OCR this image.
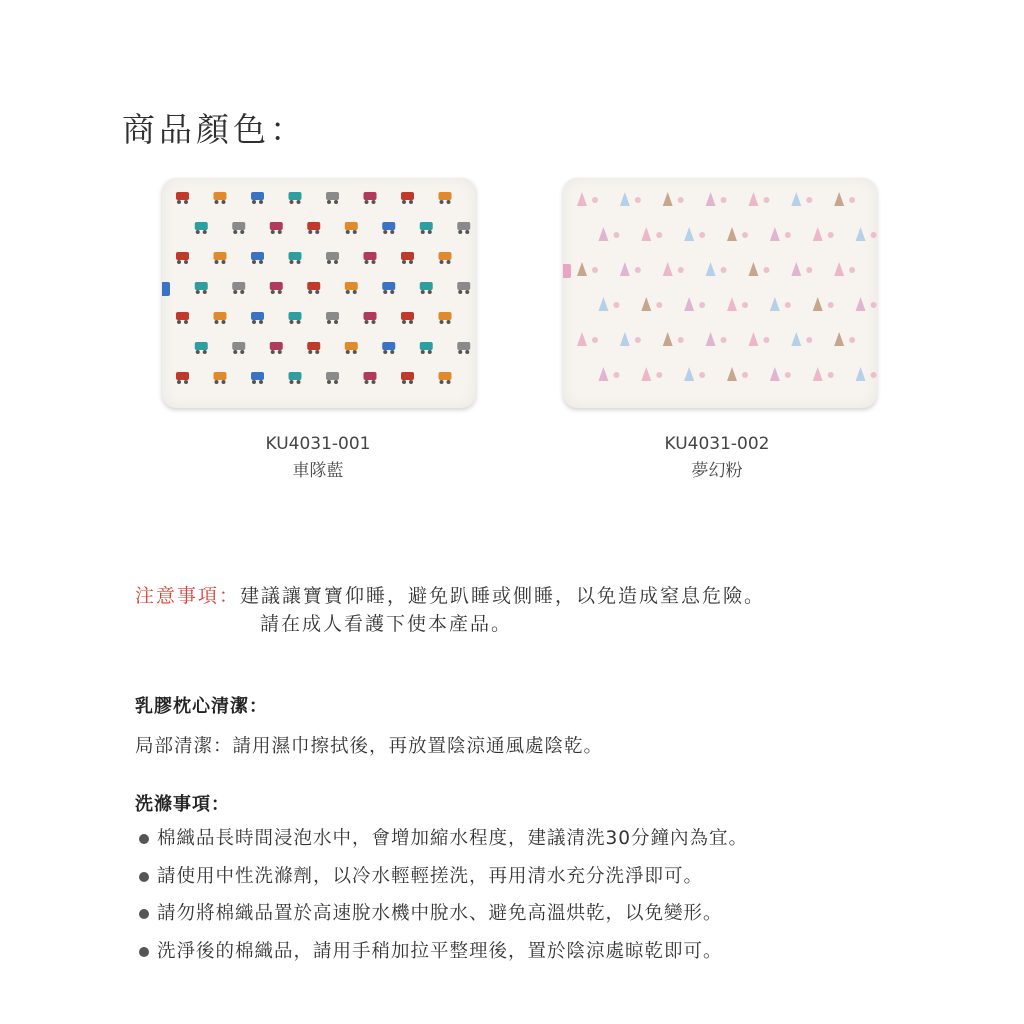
商品顏色：
KU4031-001
車隊藍
KU4031-002
夢幻粉
注意事項：建議讓寶寶仰睡，避免趴睡或側睡，以免造成窒息危險。
請在成人看護下使本產品。
乳膠枕心清潔：
局部清潔：請用濕巾擦拭後，再放置陰涼通風處陰乾。
洗滌事項：
棉織品長時間浸泡水中，會增加縮水程度，建議清洗30分鐘內為宜。
請使用中性洗滌劑，以冷水輕輕搓洗，再用清水充分洗淨即可。
請勿將棉織品置於高速脫水機中脫水、避免高溫烘乾，以免變形。
洗淨後的棉織品，請用手稍加拉平整理後，置於陰涼處晾乾即可。
